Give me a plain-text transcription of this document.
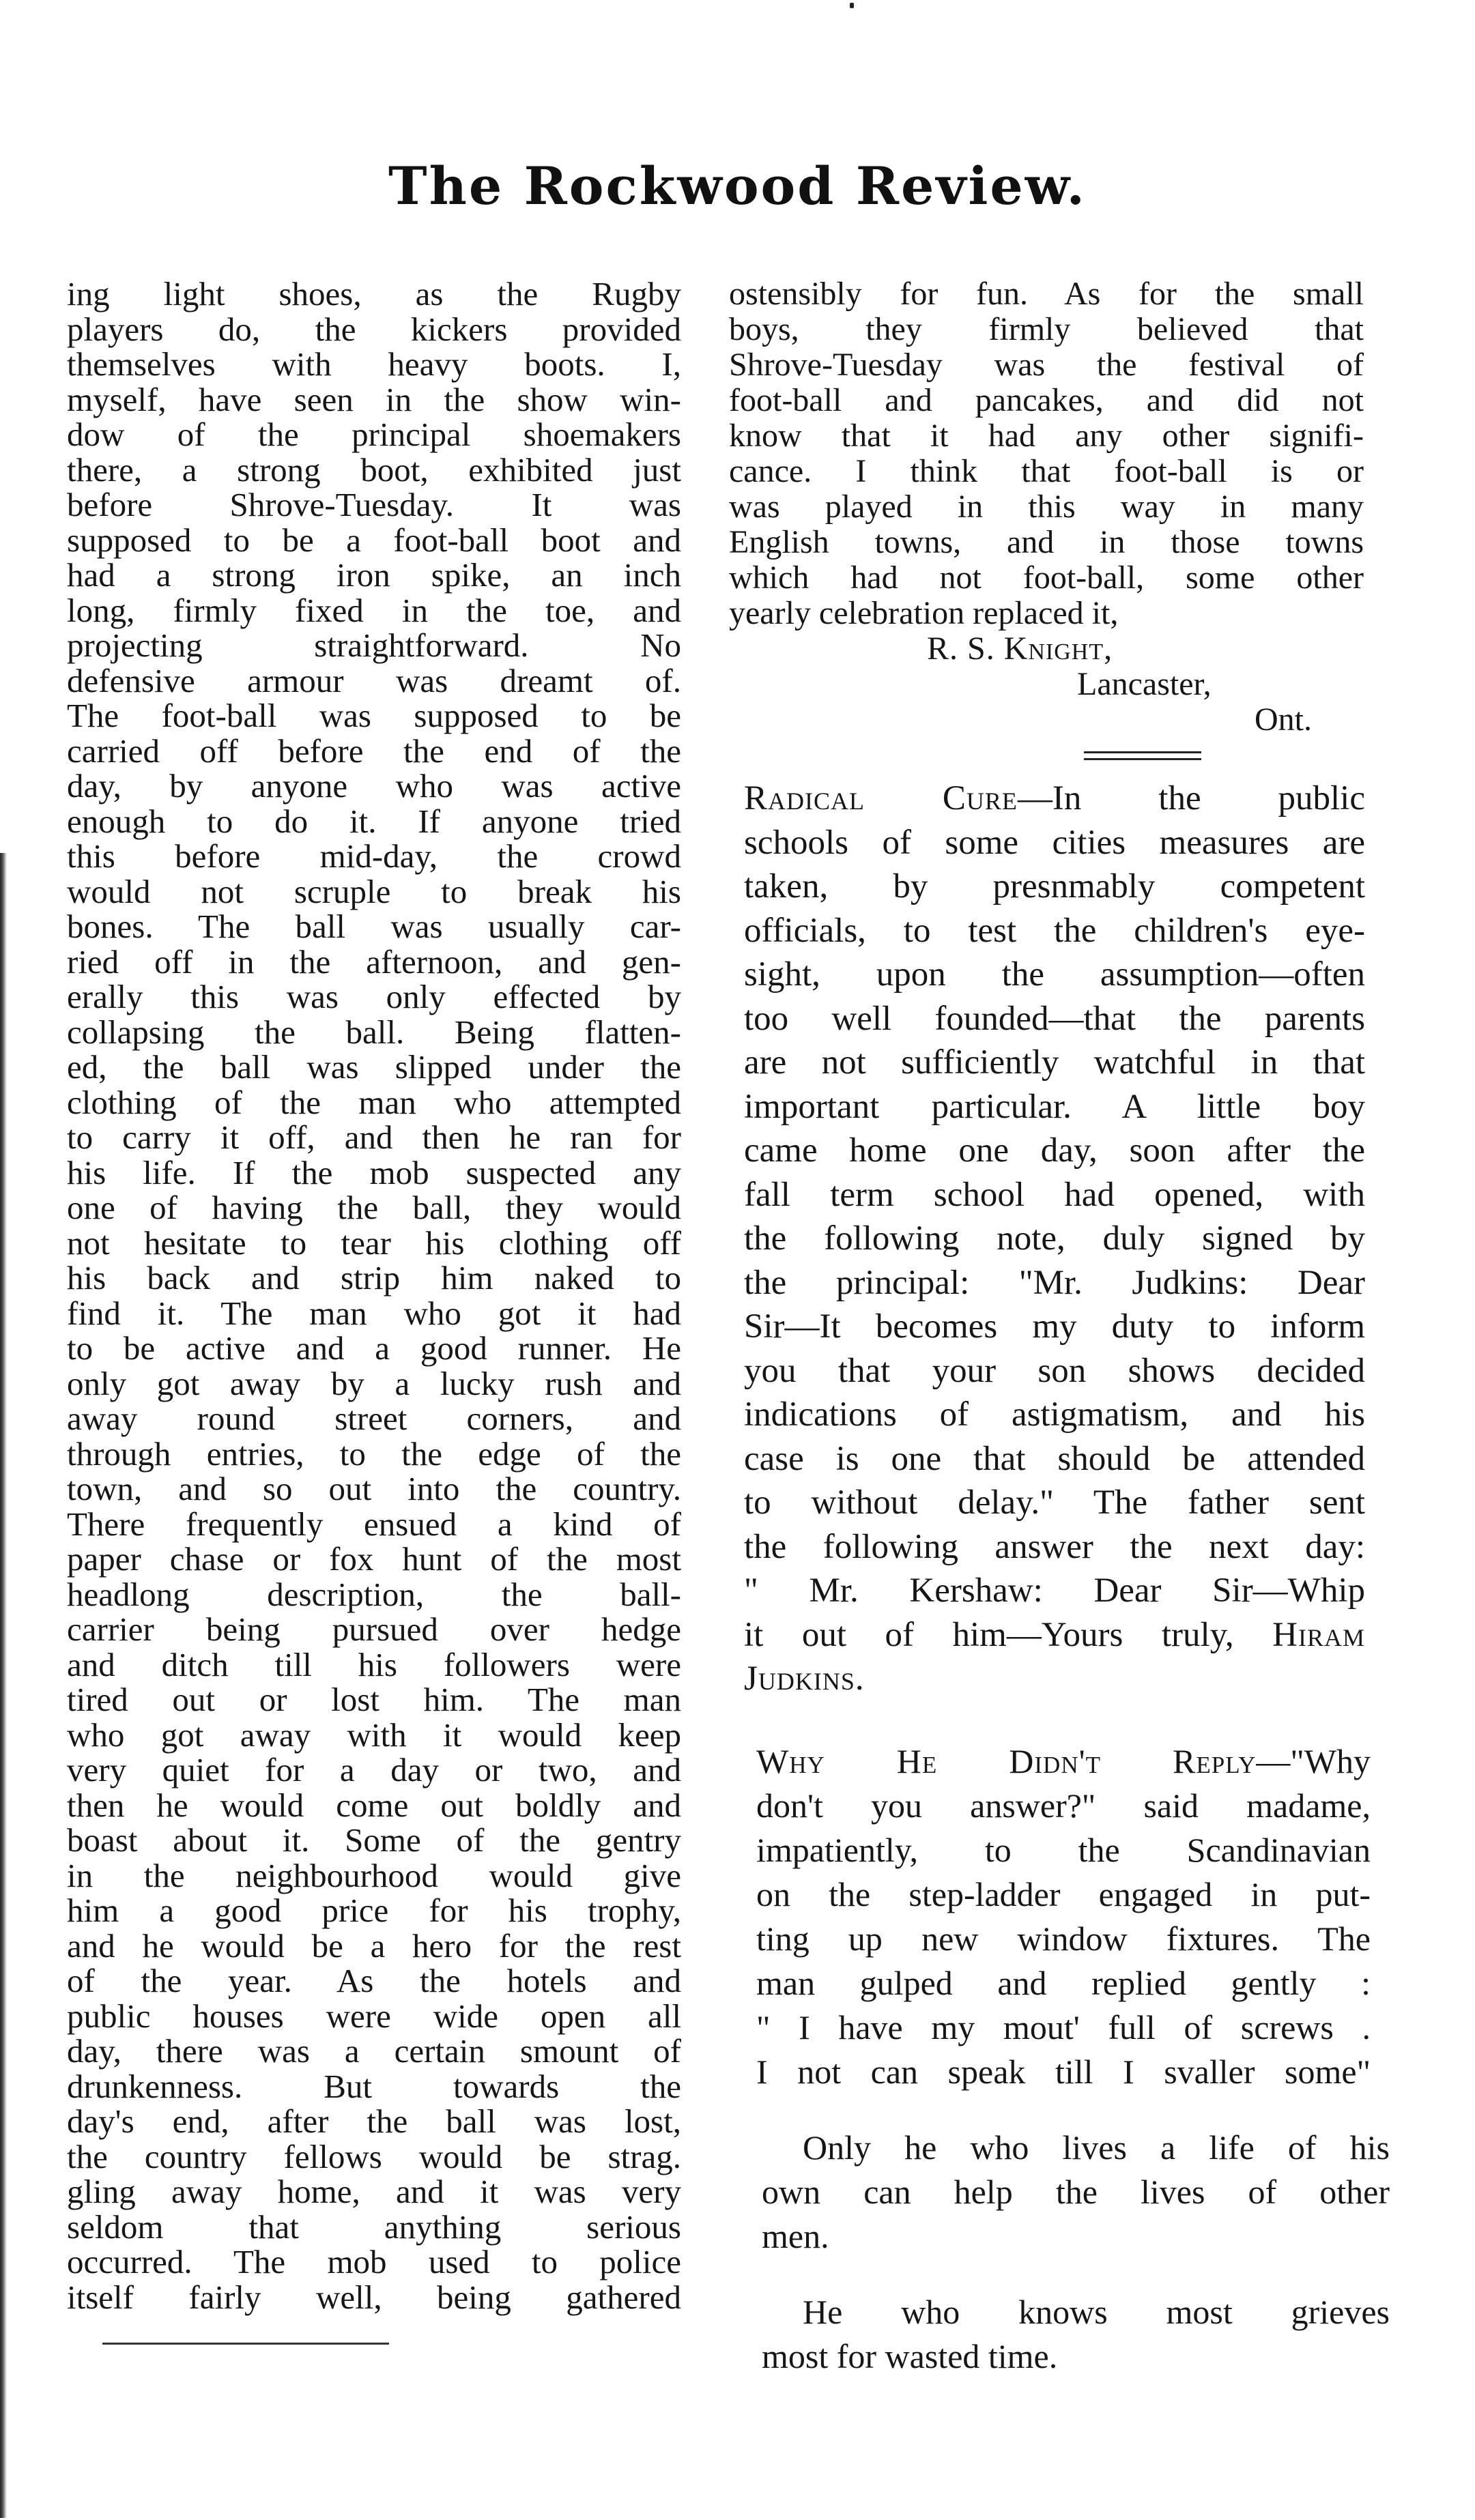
The Rockwood Review.
ing light shoes, as the Rugby
players do, the kickers provided
themselves with heavy boots. I,
myself, have seen in the show win-
dow of the principal shoemakers
there, a strong boot, exhibited just
before Shrove-Tuesday. It was
supposed to be a foot-ball boot and
had a strong iron spike, an inch
long, firmly fixed in the toe, and
projecting straightforward. No
defensive armour was dreamt of.
The foot-ball was supposed to be
carried off before the end of the
day, by anyone who was active
enough to do it. If anyone tried
this before mid-day, the crowd
would not scruple to break his
bones. The ball was usually car-
ried off in the afternoon, and gen-
erally this was only effected by
collapsing the ball. Being flatten-
ed, the ball was slipped under the
clothing of the man who attempted
to carry it off, and then he ran for
his life. If the mob suspected any
one of having the ball, they would
not hesitate to tear his clothing off
his back and strip him naked to
find it. The man who got it had
to be active and a good runner. He
only got away by a lucky rush and
away round street corners, and
through entries, to the edge of the
town, and so out into the country.
There frequently ensued a kind of
paper chase or fox hunt of the most
headlong description, the ball-
carrier being pursued over hedge
and ditch till his followers were
tired out or lost him. The man
who got away with it would keep
very quiet for a day or two, and
then he would come out boldly and
boast about it. Some of the gentry
in the neighbourhood would give
him a good price for his trophy,
and he would be a hero for the rest
of the year. As the hotels and
public houses were wide open all
day, there was a certain smount of
drunkenness. But towards the
day's end, after the ball was lost,
the country fellows would be strag.
gling away home, and it was very
seldom that anything serious
occurred. The mob used to police
itself fairly well, being gathered
ostensibly for fun. As for the small
boys, they firmly believed that
Shrove-Tuesday was the festival of
foot-ball and pancakes, and did not
know that it had any other signifi-
cance. I think that foot-ball is or
was played in this way in many
English towns, and in those towns
which had not foot-ball, some other
yearly celebration replaced it,
R. S. Knight,
Lancaster,
Ont.
Radical Cure—In the public
schools of some cities measures are
taken, by presnmably competent
officials, to test the children's eye-
sight, upon the assumption—often
too well founded—that the parents
are not sufficiently watchful in that
important particular. A little boy
came home one day, soon after the
fall term school had opened, with
the following note, duly signed by
the principal: "Mr. Judkins: Dear
Sir—It becomes my duty to inform
you that your son shows decided
indications of astigmatism, and his
case is one that should be attended
to without delay." The father sent
the following answer the next day:
" Mr. Kershaw: Dear Sir—Whip
it out of him—Yours truly, Hiram
Judkins.
Why He Didn't Reply—"Why
don't you answer?" said madame,
impatiently, to the Scandinavian
on the step-ladder engaged in put-
ting up new window fixtures. The
man gulped and replied gently :
" I have my mout' full of screws .
I not can speak till I svaller some"
Only he who lives a life of his
own can help the lives of other
men.
He who knows most grieves
most for wasted time.
